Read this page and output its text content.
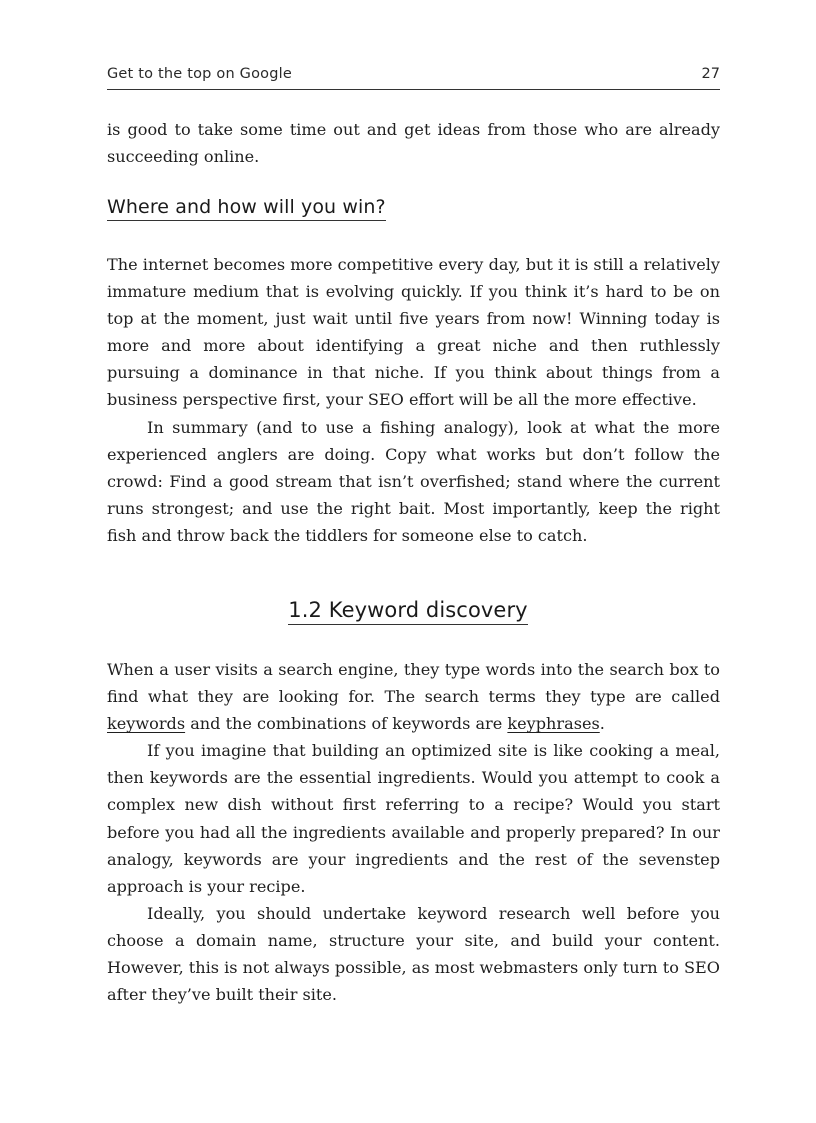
Get to the top on Google	27

is good to take some time out and get ideas from those who are already succeeding online.

Where and how will you win?

The internet becomes more competitive every day, but it is still a relatively immature medium that is evolving quickly. If you think it’s hard to be on top at the moment, just wait until five years from now! Winning today is more and more about identifying a great niche and then ruthlessly pursuing a dominance in that niche. If you think about things from a business perspective first, your SEO effort will be all the more effective.

In summary (and to use a fishing analogy), look at what the more experienced anglers are doing. Copy what works but don’t follow the crowd: Find a good stream that isn’t overfished; stand where the current runs strongest; and use the right bait. Most importantly, keep the right fish and throw back the tiddlers for someone else to catch.

1.2 Keyword discovery

When a user visits a search engine, they type words into the search box to find what they are looking for. The search terms they type are called keywords and the combinations of keywords are keyphrases.

If you imagine that building an optimized site is like cooking a meal, then keywords are the essential ingredients. Would you attempt to cook a complex new dish without first referring to a recipe? Would you start before you had all the ingredients available and properly prepared? In our analogy, keywords are your ingredients and the rest of the sevenstep approach is your recipe.

Ideally, you should undertake keyword research well before you choose a domain name, structure your site, and build your content. However, this is not always possible, as most webmasters only turn to SEO after they’ve built their site.
